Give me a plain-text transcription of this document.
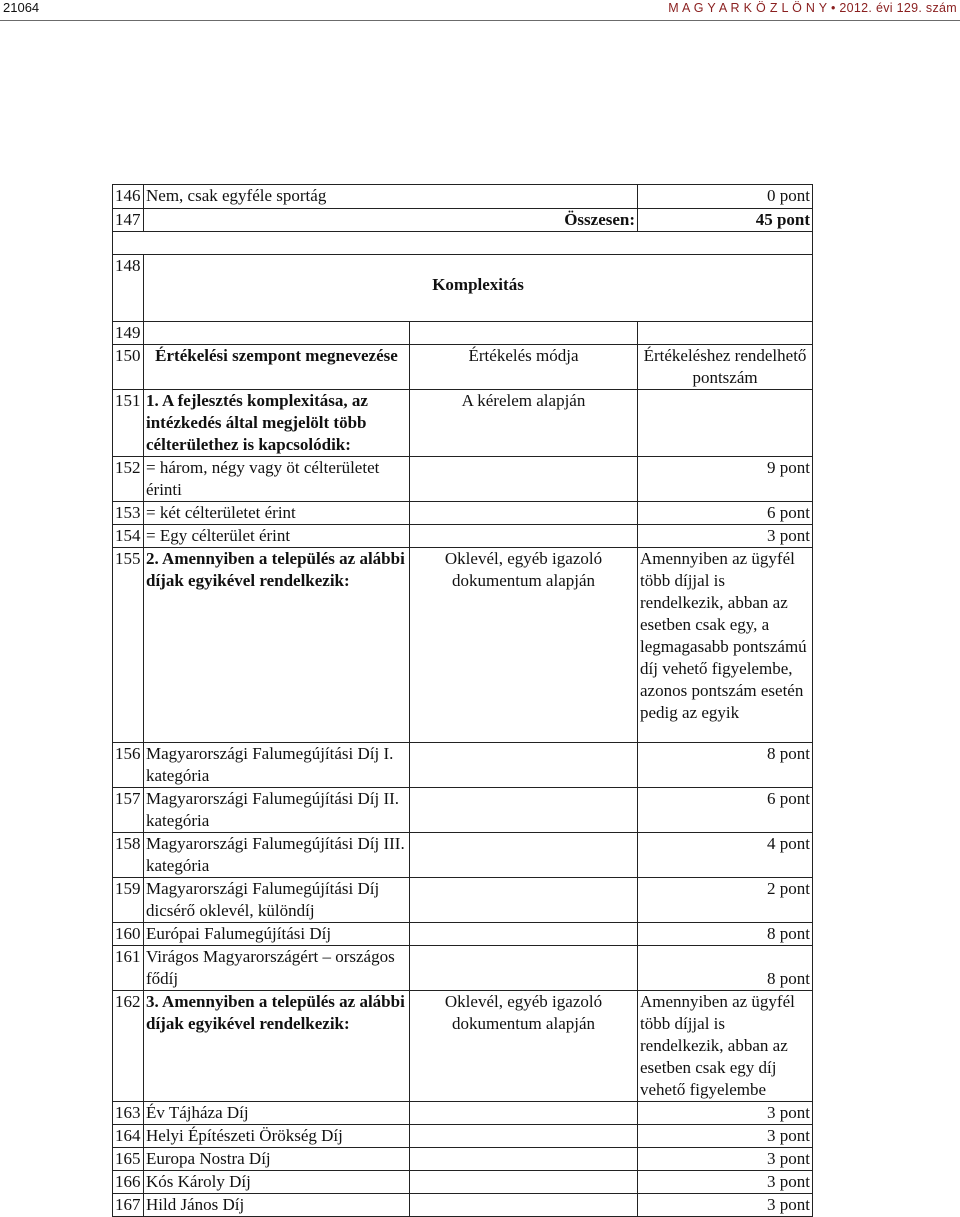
21064	M A G Y A R K Ö Z L Ö N Y • 2012. évi 129. szám
146	Nem, csak egyféle sportág		0 pont
147	Összesen:		45 pont

148	Komplexitás		
149			
150	Értékelési szempont megnevezése	Értékelés módja	Értékeléshez rendelhető pontszám
151	1. A fejlesztés komplexitása, az intézkedés által megjelölt több célterülethez is kapcsolódik:	A kérelem alapján	
152	= három, négy vagy öt célterületet érinti		9 pont
153	= két célterületet érint		6 pont
154	= Egy célterület érint		3 pont
155	2. Amennyiben a település az alábbi díjak egyikével rendelkezik:	Oklevél, egyéb igazoló dokumentum alapján	Amennyiben az ügyfél több díjjal is rendelkezik, abban az esetben csak egy, a legmagasabb pontszámú díj vehető figyelembe, azonos pontszám esetén pedig az egyik
156	Magyarországi Falumegújítási Díj I. kategória		8 pont
157	Magyarországi Falumegújítási Díj II. kategória		6 pont
158	Magyarországi Falumegújítási Díj III. kategória		4 pont
159	Magyarországi Falumegújítási Díj dicsérő oklevél, különdíj		2 pont
160	Európai Falumegújítási Díj		8 pont
161	Virágos Magyarországért – országos fődíj		8 pont
162	3. Amennyiben a település az alábbi díjak egyikével rendelkezik:	Oklevél, egyéb igazoló dokumentum alapján	Amennyiben az ügyfél több díjjal is rendelkezik, abban az esetben csak egy díj vehető figyelembe
163	Év Tájháza Díj		3 pont
164	Helyi Építészeti Örökség Díj		3 pont
165	Europa Nostra Díj		3 pont
166	Kós Károly Díj		3 pont
167	Hild János Díj		3 pont
